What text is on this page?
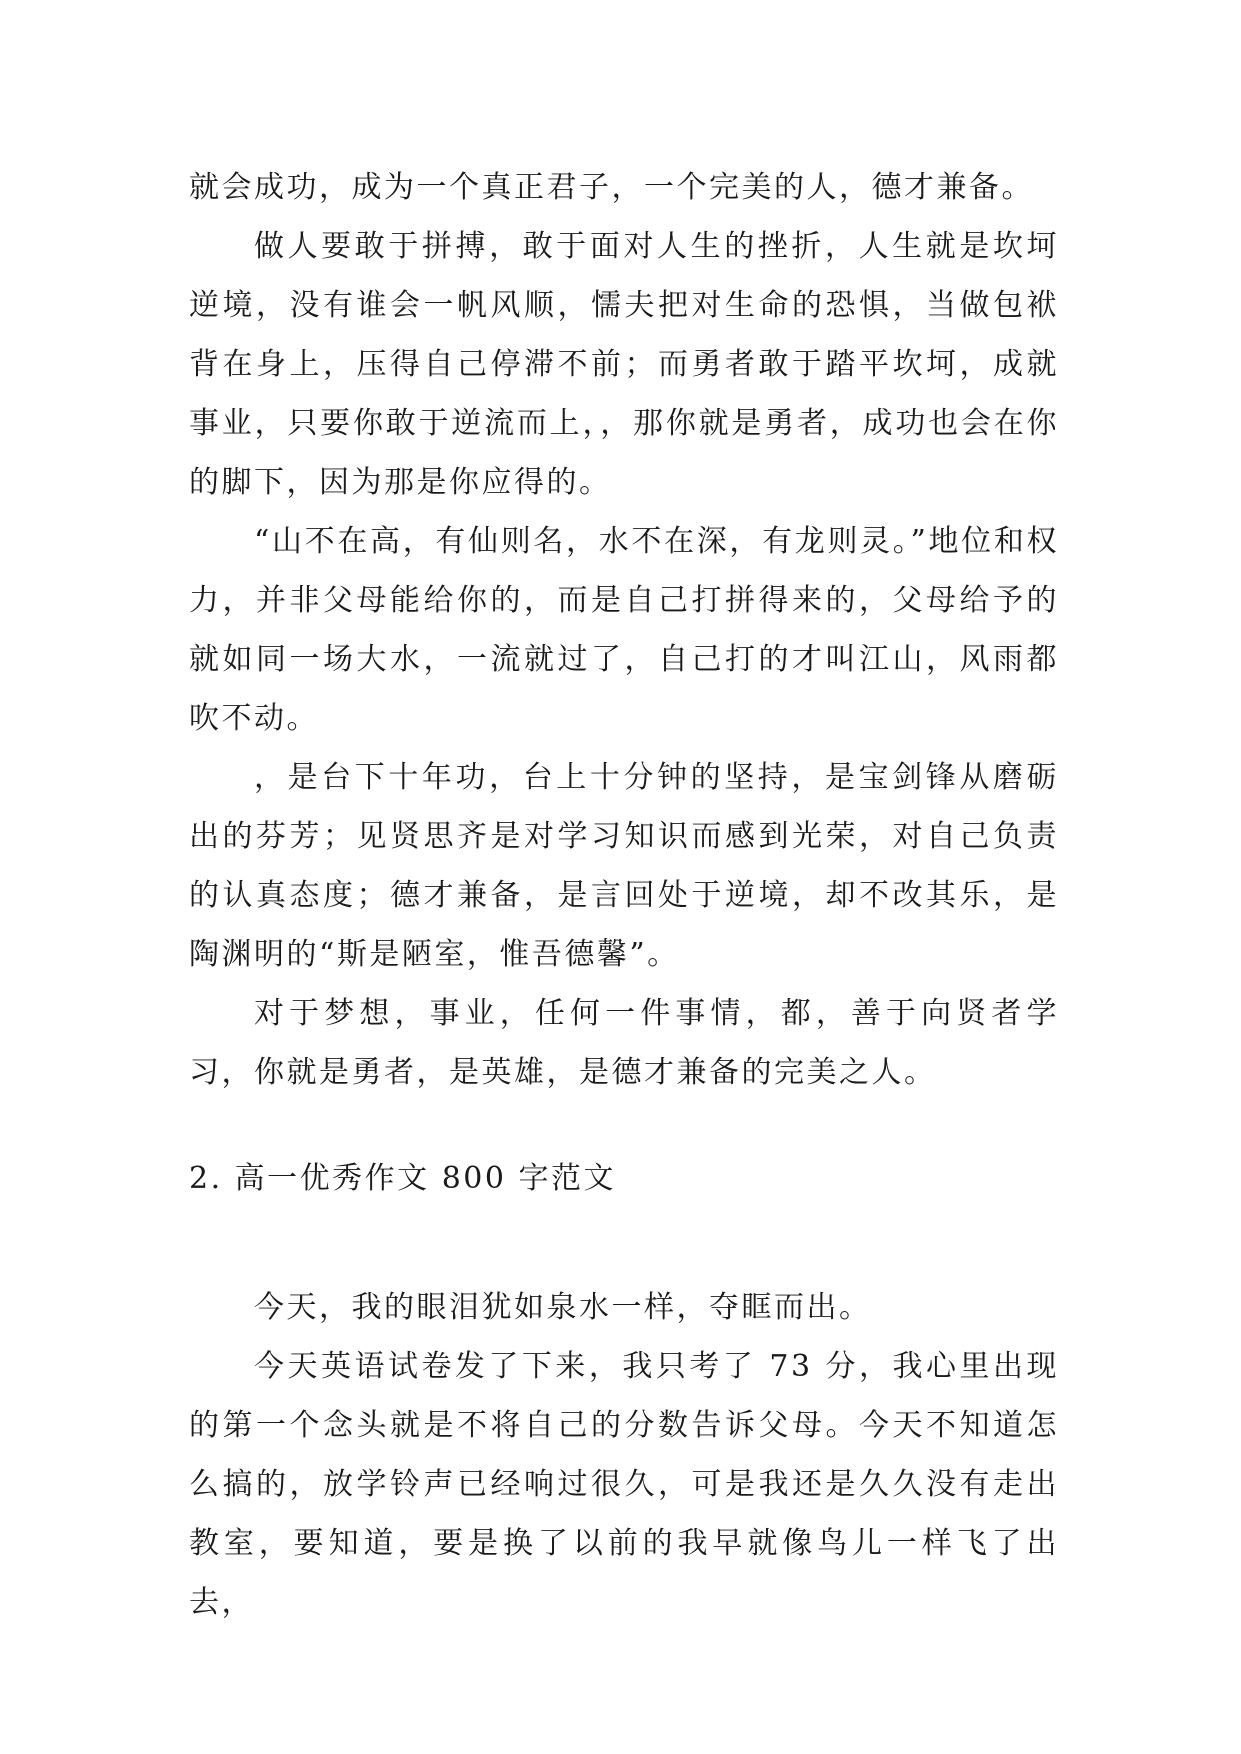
就会成功，成为一个真正君子，一个完美的人，德才兼备。

做人要敢于拼搏，敢于面对人生的挫折，人生就是坎坷逆境，没有谁会一帆风顺，懦夫把对生命的恐惧，当做包袱背在身上，压得自己停滞不前；而勇者敢于踏平坎坷，成就事业，只要你敢于逆流而上，，那你就是勇者，成功也会在你的脚下，因为那是你应得的。

“山不在高，有仙则名，水不在深，有龙则灵。”地位和权力，并非父母能给你的，而是自己打拼得来的，父母给予的就如同一场大水，一流就过了，自己打的才叫江山，风雨都吹不动。

，是台下十年功，台上十分钟的坚持，是宝剑锋从磨砺出的芬芳；见贤思齐是对学习知识而感到光荣，对自己负责的认真态度；德才兼备，是言回处于逆境，却不改其乐，是陶渊明的“斯是陋室，惟吾德馨”。

对于梦想，事业，任何一件事情，都，善于向贤者学习，你就是勇者，是英雄，是德才兼备的完美之人。

2. 高一优秀作文 800 字范文

今天，我的眼泪犹如泉水一样，夺眶而出。

今天英语试卷发了下来，我只考了 73 分，我心里出现的第一个念头就是不将自己的分数告诉父母。今天不知道怎么搞的，放学铃声已经响过很久，可是我还是久久没有走出教室，要知道，要是换了以前的我早就像鸟儿一样飞了出去，
